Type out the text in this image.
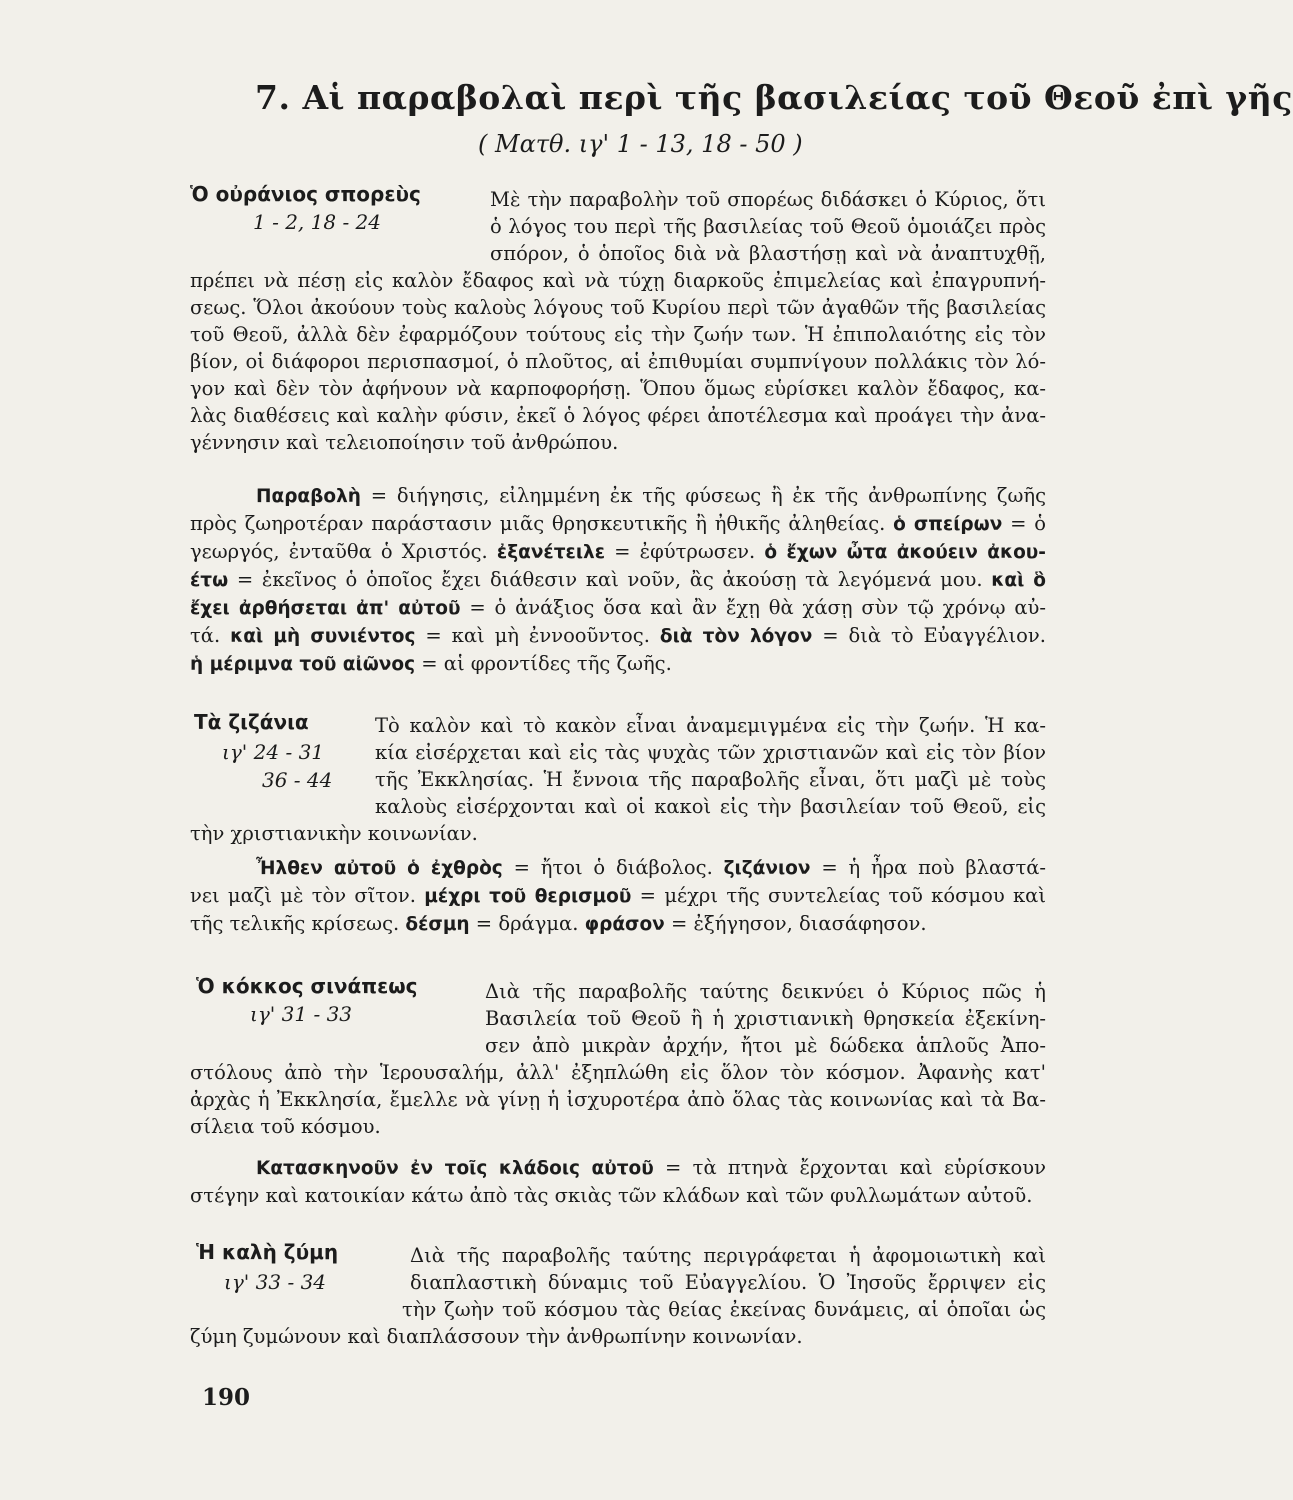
7. Αἱ παραβολαὶ περὶ τῆς βασιλείας τοῦ Θεοῦ ἐπὶ γῆς
( Ματθ. ιγ' 1 - 13, 18 - 50 )
Ὁ οὐράνιος σπορεὺς
1 - 2, 18 - 24

Μὲ τὴν παραβολὴν τοῦ σπορέως διδάσκει ὁ Κύριος, ὅτι

ὁ λόγος του περὶ τῆς βασιλείας τοῦ Θεοῦ ὁμοιάζει πρὸς

σπόρον, ὁ ὁποῖος διὰ νὰ βλαστήσῃ καὶ νὰ ἀναπτυχθῇ,

πρέπει νὰ πέσῃ εἰς καλὸν ἔδαφος καὶ νὰ τύχῃ διαρκοῦς ἐπιμελείας καὶ ἐπαγρυπνή-

σεως. Ὅλοι ἀκούουν τοὺς καλοὺς λόγους τοῦ Κυρίου περὶ τῶν ἀγαθῶν τῆς βασιλείας

τοῦ Θεοῦ, ἀλλὰ δὲν ἐφαρμόζουν τούτους εἰς τὴν ζωήν των. Ἡ ἐπιπολαιότης εἰς τὸν

βίον, οἱ διάφοροι περισπασμοί, ὁ πλοῦτος, αἱ ἐπιθυμίαι συμπνίγουν πολλάκις τὸν λό-

γον καὶ δὲν τὸν ἀφήνουν νὰ καρποφορήσῃ. Ὅπου ὅμως εὑρίσκει καλὸν ἔδαφος, κα-

λὰς διαθέσεις καὶ καλὴν φύσιν, ἐκεῖ ὁ λόγος φέρει ἀποτέλεσμα καὶ προάγει τὴν ἀνα-

γέννησιν καὶ τελειοποίησιν τοῦ ἀνθρώπου.

Παραβολὴ = διήγησις, εἰλημμένη ἐκ τῆς φύσεως ἢ ἐκ τῆς ἀνθρωπίνης ζωῆς

πρὸς ζωηροτέραν παράστασιν μιᾶς θρησκευτικῆς ἢ ἠθικῆς ἀληθείας. ὁ σπείρων = ὁ

γεωργός, ἐνταῦθα ὁ Χριστός. ἐξανέτειλε = ἐφύτρωσεν. ὁ ἔχων ὦτα ἀκούειν ἀκου-

έτω = ἐκεῖνος ὁ ὁποῖος ἔχει διάθεσιν καὶ νοῦν, ἂς ἀκούσῃ τὰ λεγόμενά μου. καὶ ὃ

ἔχει ἀρθήσεται ἀπ' αὐτοῦ = ὁ ἀνάξιος ὅσα καὶ ἂν ἔχῃ θὰ χάσῃ σὺν τῷ χρόνῳ αὐ-

τά. καὶ μὴ συνιέντος = καὶ μὴ ἐννοοῦντος. διὰ τὸν λόγον = διὰ τὸ Εὐαγγέλιον.

ἡ μέριμνα τοῦ αἰῶνος = αἱ φροντίδες τῆς ζωῆς.

Τὰ ζιζάνια
ιγ' 24 - 31
36 - 44

Τὸ καλὸν καὶ τὸ κακὸν εἶναι ἀναμεμιγμένα εἰς τὴν ζωήν. Ἡ κα-

κία εἰσέρχεται καὶ εἰς τὰς ψυχὰς τῶν χριστιανῶν καὶ εἰς τὸν βίον

τῆς Ἐκκλησίας. Ἡ ἔννοια τῆς παραβολῆς εἶναι, ὅτι μαζὶ μὲ τοὺς

καλοὺς εἰσέρχονται καὶ οἱ κακοὶ εἰς τὴν βασιλείαν τοῦ Θεοῦ, εἰς

τὴν χριστιανικὴν κοινωνίαν.

Ἦλθεν αὐτοῦ ὁ ἐχθρὸς = ἤτοι ὁ διάβολος. ζιζάνιον = ἡ ἦρα ποὺ βλαστά-

νει μαζὶ μὲ τὸν σῖτον. μέχρι τοῦ θερισμοῦ = μέχρι τῆς συντελείας τοῦ κόσμου καὶ

τῆς τελικῆς κρίσεως. δέσμη = δράγμα. φράσον = ἐξήγησον, διασάφησον.

Ὁ κόκκος σινάπεως
ιγ' 31 - 33

Διὰ τῆς παραβολῆς ταύτης δεικνύει ὁ Κύριος πῶς ἡ

Βασιλεία τοῦ Θεοῦ ἢ ἡ χριστιανικὴ θρησκεία ἐξεκίνη-

σεν ἀπὸ μικρὰν ἀρχήν, ἤτοι μὲ δώδεκα ἁπλοῦς Ἀπο-

στόλους ἀπὸ τὴν Ἱερουσαλήμ, ἀλλ' ἐξηπλώθη εἰς ὅλον τὸν κόσμον. Ἀφανὴς κατ'

ἀρχὰς ἡ Ἐκκλησία, ἔμελλε νὰ γίνῃ ἡ ἰσχυροτέρα ἀπὸ ὅλας τὰς κοινωνίας καὶ τὰ Βα-

σίλεια τοῦ κόσμου.

Κατασκηνοῦν ἐν τοῖς κλάδοις αὐτοῦ = τὰ πτηνὰ ἔρχονται καὶ εὑρίσκουν

στέγην καὶ κατοικίαν κάτω ἀπὸ τὰς σκιὰς τῶν κλάδων καὶ τῶν φυλλωμάτων αὐτοῦ.

Ἡ καλὴ ζύμη
ιγ' 33 - 34

Διὰ τῆς παραβολῆς ταύτης περιγράφεται ἡ ἀφομοιωτικὴ καὶ

διαπλαστικὴ δύναμις τοῦ Εὐαγγελίου. Ὁ Ἰησοῦς ἔρριψεν εἰς

τὴν ζωὴν τοῦ κόσμου τὰς θείας ἐκείνας δυνάμεις, αἱ ὁποῖαι ὡς

ζύμη ζυμώνουν καὶ διαπλάσσουν τὴν ἀνθρωπίνην κοινωνίαν.

190
